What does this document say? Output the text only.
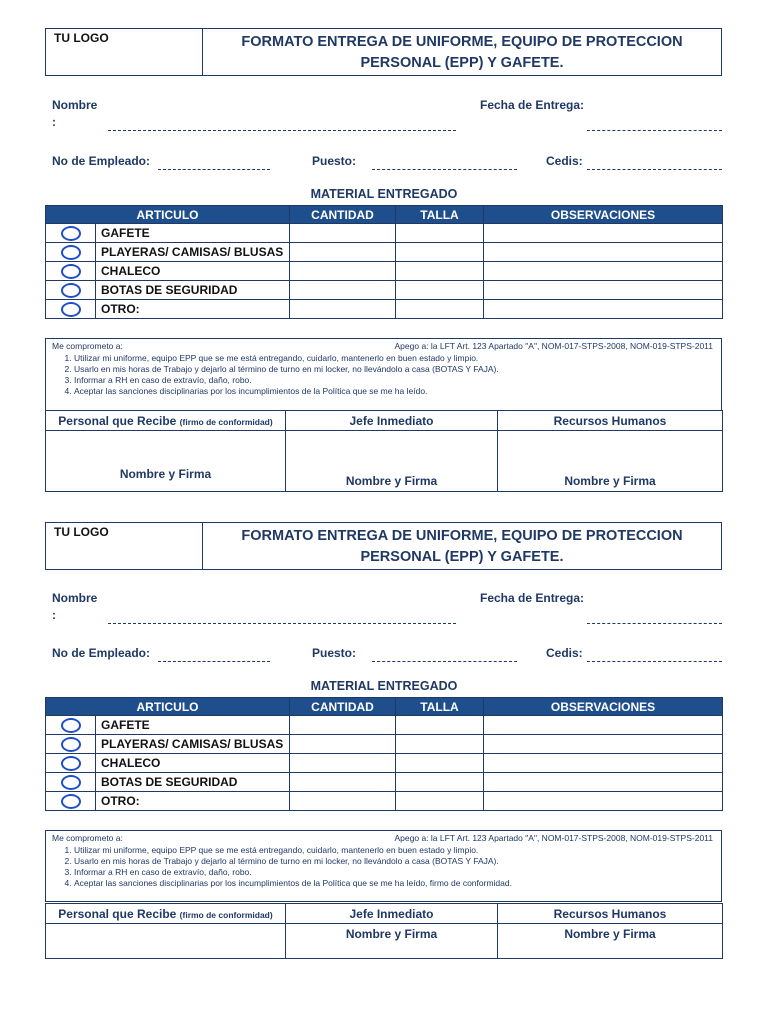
TU LOGO	FORMATO ENTREGA DE UNIFORME, EQUIPO DE PROTECCION
PERSONAL (EPP) Y GAFETE.
Nombre
:
Fecha de Entrega:
No de Empleado:	Puesto:	Cedis:
MATERIAL ENTREGADO
ARTICULO		CANTIDAD	TALLA	OBSERVACIONES
	GAFETE			
	PLAYERAS/ CAMISAS/ BLUSAS			
	CHALECO			
	BOTAS DE SEGURIDAD			
	OTRO:			
Me comprometo a:	Apego a: la LFT Art. 123 Apartado "A", NOM-017-STPS-2008, NOM-019-STPS-2011
1. Utilizar mi uniforme, equipo EPP que se me está entregando, cuidarlo, mantenerlo en buen estado y limpio.
2. Usarlo en mis horas de Trabajo y dejarlo al término de turno en mi locker, no llevándolo a casa (BOTAS Y FAJA).
3. Informar a RH en caso de extravío, daño, robo.
4. Aceptar las sanciones disciplinarias por los incumplimientos de la Política que se me ha leído.
Personal que Recibe (firmo de conformidad)	Jefe Inmediato	Recursos Humanos
Nombre y Firma	Nombre y Firma	Nombre y Firma
TU LOGO	FORMATO ENTREGA DE UNIFORME, EQUIPO DE PROTECCION
PERSONAL (EPP) Y GAFETE.
Nombre
:
Fecha de Entrega:
No de Empleado:	Puesto:	Cedis:
MATERIAL ENTREGADO
ARTICULO		CANTIDAD	TALLA	OBSERVACIONES
	GAFETE			
	PLAYERAS/ CAMISAS/ BLUSAS			
	CHALECO			
	BOTAS DE SEGURIDAD			
	OTRO:			
Me comprometo a:	Apego a: la LFT Art. 123 Apartado "A", NOM-017-STPS-2008, NOM-019-STPS-2011
1. Utilizar mi uniforme, equipo EPP que se me está entregando, cuidarlo, mantenerlo en buen estado y limpio.
2. Usarlo en mis horas de Trabajo y dejarlo al término de turno en mi locker, no llevándolo a casa (BOTAS Y FAJA).
3. Informar a RH en caso de extravío, daño, robo.
4. Aceptar las sanciones disciplinarias por los incumplimientos de la Política que se me ha leído, firmo de conformidad.
Personal que Recibe (firmo de conformidad)	Jefe Inmediato	Recursos Humanos
	Nombre y Firma	Nombre y Firma
